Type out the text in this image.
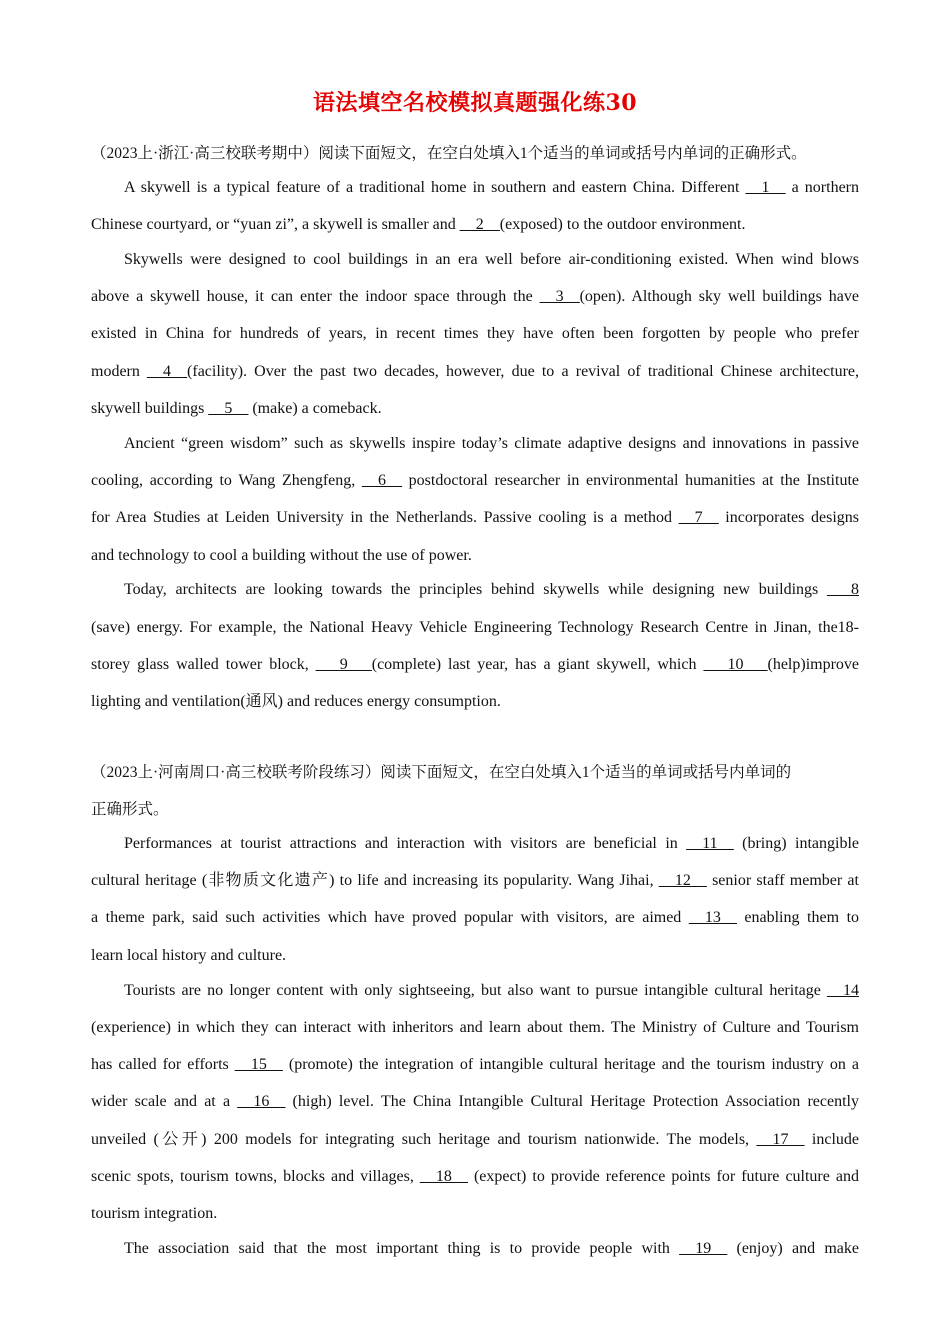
语法填空名校模拟真题强化练30
（2023上·浙江·高三校联考期中）阅读下面短文，在空白处填入1个适当的单词或括号内单词的正确形式。
A skywell is a typical feature of a traditional home in southern and eastern China. Different __1__ a northern
Chinese courtyard, or “yuan zi”, a skywell is smaller and __2__(exposed) to the outdoor environment.
Skywells were designed to cool buildings in an era well before air-conditioning existed. When wind blows
above a skywell house, it can enter the indoor space through the __3__(open). Although sky well buildings have
existed in China for hundreds of years, in recent times they have often been forgotten by people who prefer
modern __4__(facility). Over the past two decades, however, due to a revival of traditional Chinese architecture,
skywell buildings __5__ (make) a comeback.
Ancient “green wisdom” such as skywells inspire today’s climate adaptive designs and innovations in passive
cooling, according to Wang Zhengfeng, __6__ postdoctoral researcher in environmental humanities at the Institute
for Area Studies at Leiden University in the Netherlands. Passive cooling is a method __7__ incorporates designs
and technology to cool a building without the use of power.
Today, architects are looking towards the principles behind skywells while designing new buildings ___8
(save) energy. For example, the National Heavy Vehicle Engineering Technology Research Centre in Jinan, the18-
storey glass walled tower block, ___9___(complete) last year, has a giant skywell, which ___10___(help)improve
lighting and ventilation(通风) and reduces energy consumption.
（2023上·河南周口·高三校联考阶段练习）阅读下面短文，在空白处填入1个适当的单词或括号内单词的
正确形式。
Performances at tourist attractions and interaction with visitors are beneficial in __11__ (bring) intangible
cultural heritage (非物质文化遗产) to life and increasing its popularity. Wang Jihai, __12__ senior staff member at
a theme park, said such activities which have proved popular with visitors, are aimed __13__ enabling them to
learn local history and culture.
Tourists are no longer content with only sightseeing, but also want to pursue intangible cultural heritage __14
(experience) in which they can interact with inheritors and learn about them. The Ministry of Culture and Tourism
has called for efforts __15__ (promote) the integration of intangible cultural heritage and the tourism industry on a
wider scale and at a __16__ (high) level. The China Intangible Cultural Heritage Protection Association recently
unveiled (公开) 200 models for integrating such heritage and tourism nationwide. The models, __17__ include
scenic spots, tourism towns, blocks and villages, __18__ (expect) to provide reference points for future culture and
tourism integration.
The association said that the most important thing is to provide people with __19__ (enjoy) and make
